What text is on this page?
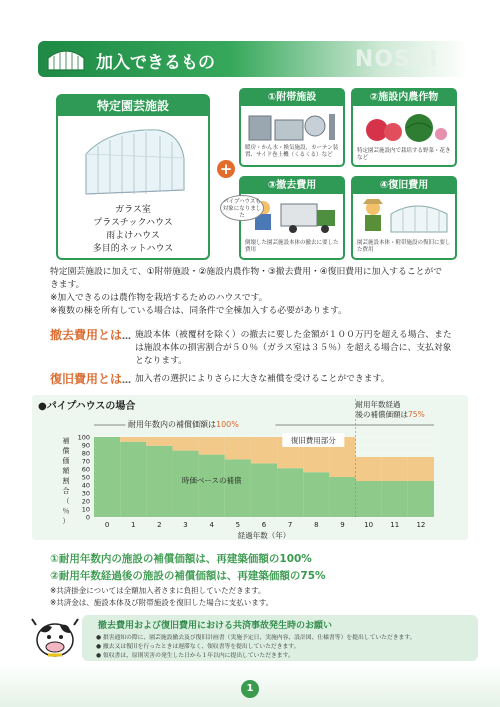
加入できるもの	NOSAI
特定園芸施設
ガラス室
プラスチックハウス
雨よけハウス
多目的ネットハウス
+
①附帯施設
暖房・かん水・換気施設、カーテン装置、サイド巻上機（くるくる）など
②施設内農作物
特定園芸施設内で栽培する野菜・花きなど
③撤去費用
倒壊した園芸施設本体の撤去に要した費用
④復旧費用
園芸施設本体・附帯施設の復旧に要した費用
パイプハウスも対象になりました
特定園芸施設に加えて、①附帯施設・②施設内農作物・③撤去費用・④復旧費用に加入することができます。
※加入できるのは農作物を栽培するためのハウスです。
※複数の棟を所有している場合は、同条件で全棟加入する必要があります。
撤去費用とは… 施設本体（被覆材を除く）の撤去に要した金額が１００万円を超える場合、または施設本体の損害割合が５０％（ガラス室は３５％）を超える場合に、支払対象となります。
復旧費用とは… 加入者の選択によりさらに大きな補償を受けることができます。
●パイプハウスの場合
0
10
20
30
40
50
60
70
80
90
100
0	1	2	3	4	5	6	7	8	9	10 11 12
補
償
価
額
割
合
（
％
）
経過年数（年）
時価ベースの補償
復旧費用部分
耐用年数内の補償価額は100%
耐用年数経過
後の補償価額は75%
①耐用年数内の施設の補償価額は、再建築価額の100%
②耐用年数経過後の施設の補償価額は、再建築価額の75%
※共済掛金については全額加入者さまに負担していただきます。
※共済金は、施設本体及び附帯施設を復旧した場合に支払います。
撤去費用および復旧費用における共済事故発生時のお願い
● 損害通知の際に、園芸施設撤去及び復旧計画書（実施予定日、実施内容、設計図、仕様書等）を提出していただきます。
● 撤去又は復旧を行ったときは遅滞なく、領収書等を提出していただきます。
● 領収書は、原則災害の発生した日から１年以内に提出していただきます。
1
